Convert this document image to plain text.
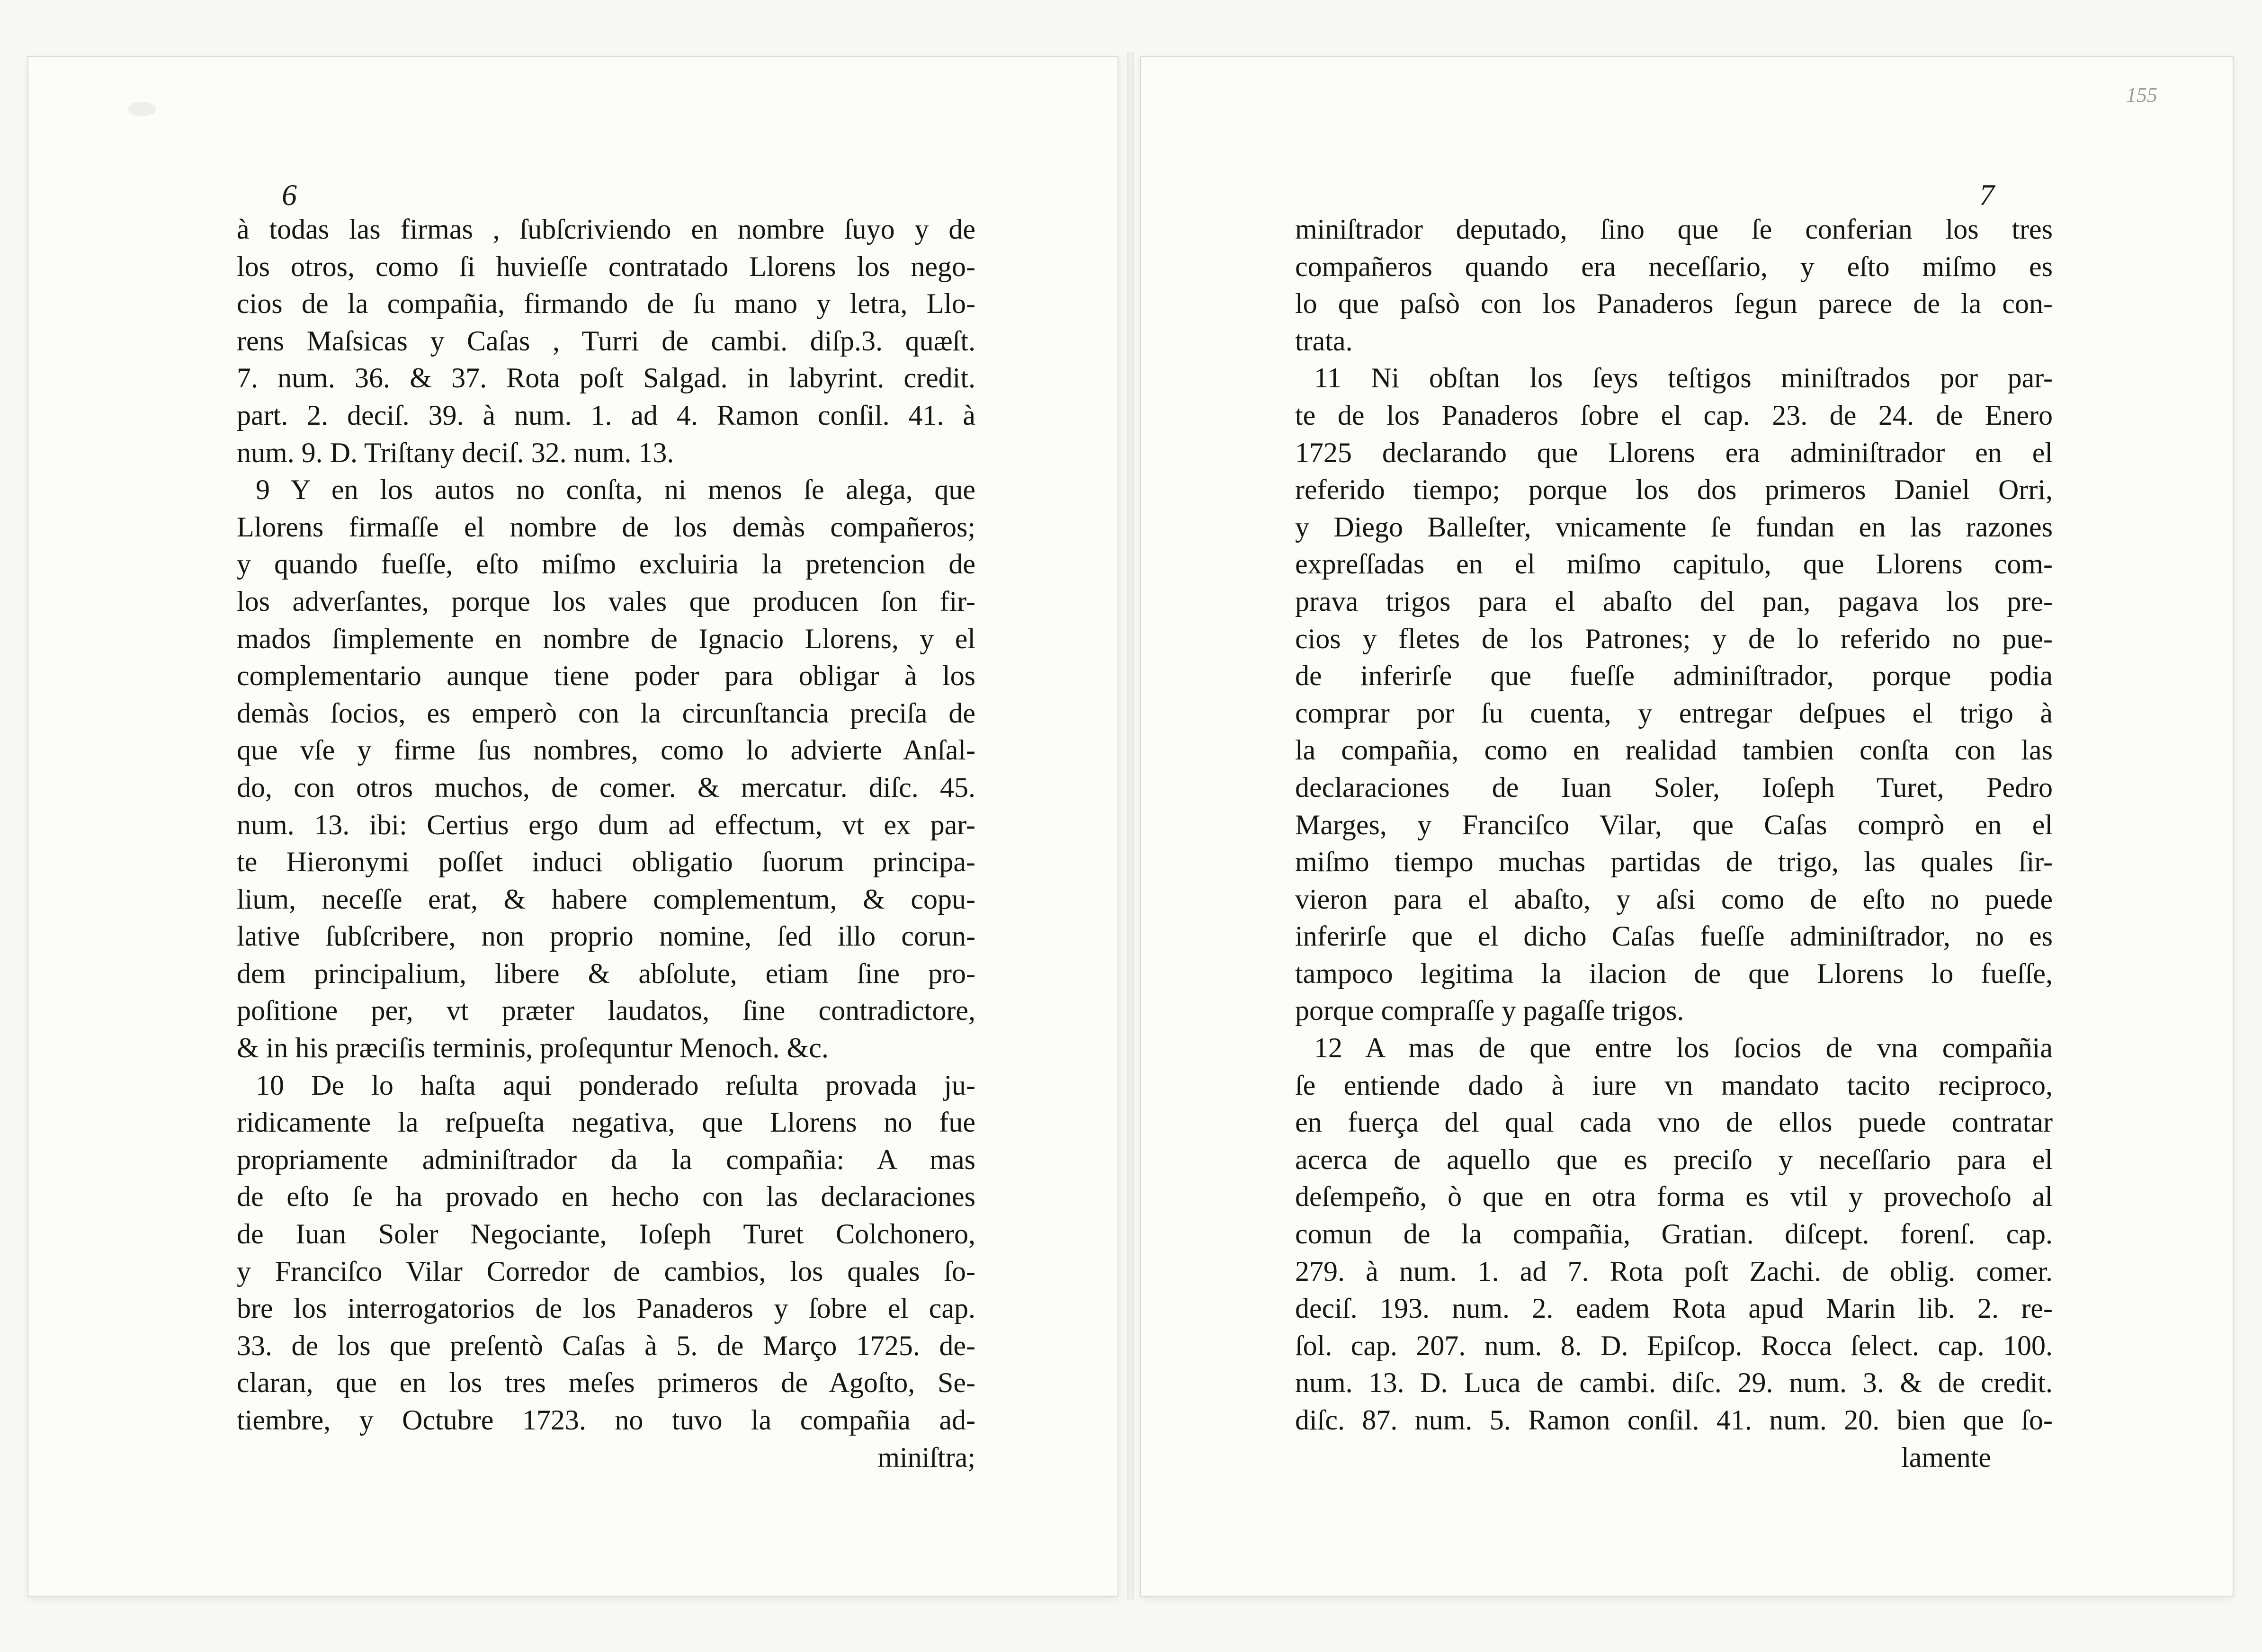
6	7
155
à todas las firmas , ſubſcriviendo en nombre ſuyo y de
los otros, como ſi huvieſſe contratado Llorens los nego-
cios de la compañia, firmando de ſu mano y letra, Llo-
rens Maſsicas y Caſas , Turri de cambi. diſp.3. quæſt.
7. num. 36. & 37. Rota poſt Salgad. in labyrint. credit.
part. 2. deciſ. 39. à num. 1. ad 4. Ramon conſil. 41. à
num. 9. D. Triſtany deciſ. 32. num. 13.
9 Y en los autos no conſta, ni menos ſe alega, que
Llorens firmaſſe el nombre de los demàs compañeros;
y quando fueſſe, eſto miſmo excluiria la pretencion de
los adverſantes, porque los vales que producen ſon fir-
mados ſimplemente en nombre de Ignacio Llorens, y el
complementario aunque tiene poder para obligar à los
demàs ſocios, es emperò con la circunſtancia preciſa de
que vſe y firme ſus nombres, como lo advierte Anſal-
do, con otros muchos, de comer. & mercatur. diſc. 45.
num. 13. ibi: Certius ergo dum ad effectum, vt ex par-
te Hieronymi poſſet induci obligatio ſuorum principa-
lium, neceſſe erat, & habere complementum, & copu-
lative ſubſcribere, non proprio nomine, ſed illo corun-
dem principalium, libere & abſolute, etiam ſine pro-
poſitione per, vt præter laudatos, ſine contradictore,
& in his præciſis terminis, proſequntur Menoch. &c.
10 De lo haſta aqui ponderado reſulta provada ju-
ridicamente la reſpueſta negativa, que Llorens no fue
propriamente adminiſtrador da la compañia: A mas
de eſto ſe ha provado en hecho con las declaraciones
de Iuan Soler Negociante, Ioſeph Turet Colchonero,
y Franciſco Vilar Corredor de cambios, los quales ſo-
bre los interrogatorios de los Panaderos y ſobre el cap.
33. de los que preſentò Caſas à 5. de Março 1725. de-
claran, que en los tres meſes primeros de Agoſto, Se-
tiembre, y Octubre 1723. no tuvo la compañia ad-
miniſtra;
miniſtrador deputado, ſino que ſe conferian los tres
compañeros quando era neceſſario, y eſto miſmo es
lo que paſsò con los Panaderos ſegun parece de la con-
trata.
11 Ni obſtan los ſeys teſtigos miniſtrados por par-
te de los Panaderos ſobre el cap. 23. de 24. de Enero
1725 declarando que Llorens era adminiſtrador en el
referido tiempo; porque los dos primeros Daniel Orri,
y Diego Balleſter, vnicamente ſe fundan en las razones
expreſſadas en el miſmo capitulo, que Llorens com-
prava trigos para el abaſto del pan, pagava los pre-
cios y fletes de los Patrones; y de lo referido no pue-
de inferirſe que fueſſe adminiſtrador, porque podia
comprar por ſu cuenta, y entregar deſpues el trigo à
la compañia, como en realidad tambien conſta con las
declaraciones de Iuan Soler, Ioſeph Turet, Pedro
Marges, y Franciſco Vilar, que Caſas comprò en el
miſmo tiempo muchas partidas de trigo, las quales ſir-
vieron para el abaſto, y aſsi como de eſto no puede
inferirſe que el dicho Caſas fueſſe adminiſtrador, no es
tampoco legitima la ilacion de que Llorens lo fueſſe,
porque compraſſe y pagaſſe trigos.
12 A mas de que entre los ſocios de vna compañia
ſe entiende dado à iure vn mandato tacito reciproco,
en fuerça del qual cada vno de ellos puede contratar
acerca de aquello que es preciſo y neceſſario para el
deſempeño, ò que en otra forma es vtil y provechoſo al
comun de la compañia, Gratian. diſcept. forenſ. cap.
279. à num. 1. ad 7. Rota poſt Zachi. de oblig. comer.
deciſ. 193. num. 2. eadem Rota apud Marin lib. 2. re-
ſol. cap. 207. num. 8. D. Epiſcop. Rocca ſelect. cap. 100.
num. 13. D. Luca de cambi. diſc. 29. num. 3. & de credit.
diſc. 87. num. 5. Ramon conſil. 41. num. 20. bien que ſo-
lamente
